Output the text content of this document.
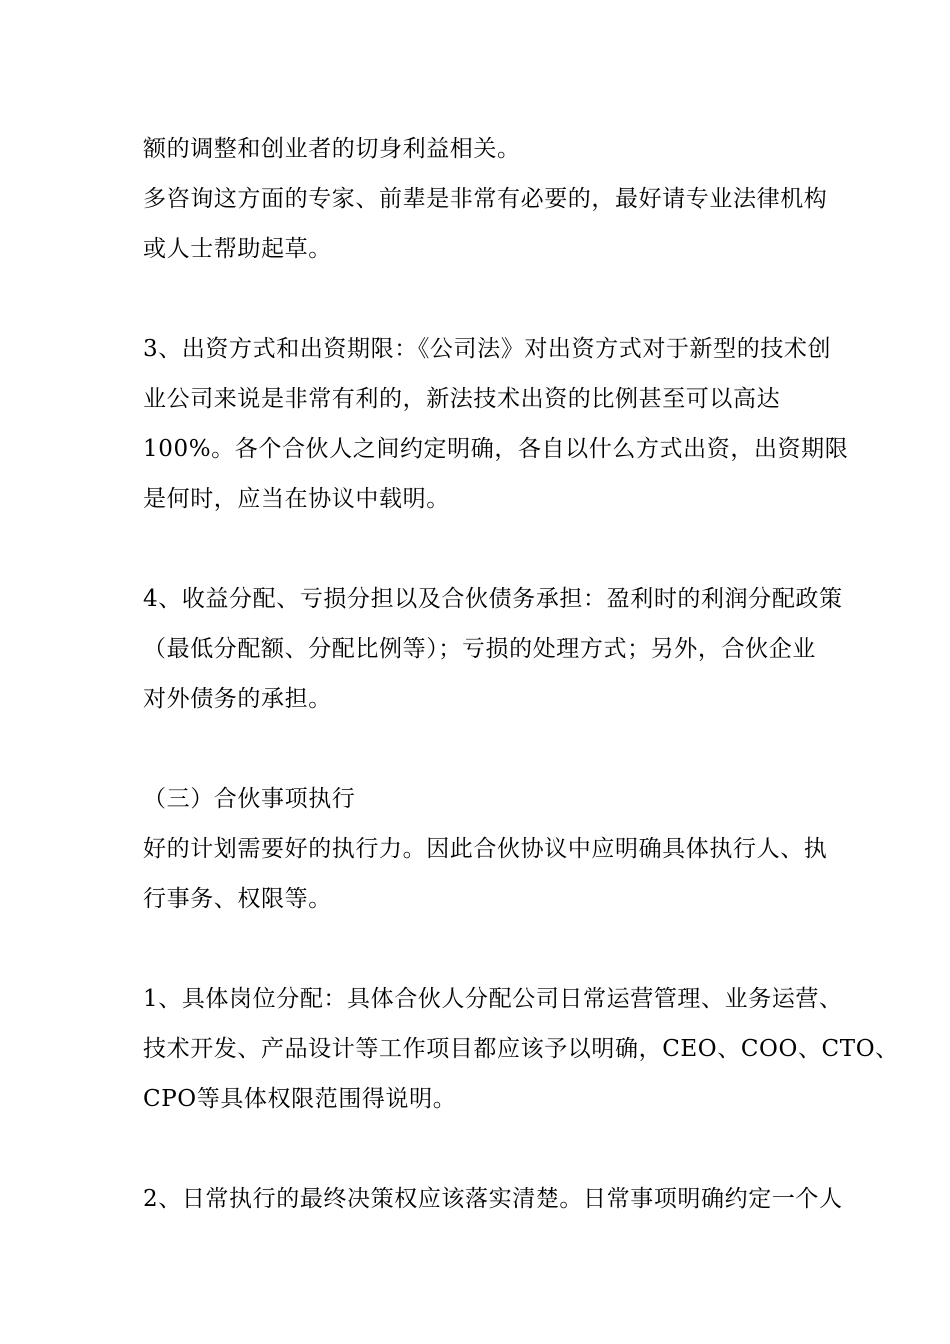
额的调整和创业者的切身利益相关。
多咨询这方面的专家、前辈是非常有必要的，最好请专业法律机构
或人士帮助起草。
3、出资方式和出资期限：《公司法》对出资方式对于新型的技术创
业公司来说是非常有利的，新法技术出资的比例甚至可以高达
100%。各个合伙人之间约定明确，各自以什么方式出资，出资期限
是何时，应当在协议中载明。
4、收益分配、亏损分担以及合伙债务承担：盈利时的利润分配政策
（最低分配额、分配比例等）；亏损的处理方式；另外，合伙企业
对外债务的承担。
（三）合伙事项执行
好的计划需要好的执行力。因此合伙协议中应明确具体执行人、执
行事务、权限等。
1、具体岗位分配：具体合伙人分配公司日常运营管理、业务运营、
技术开发、产品设计等工作项目都应该予以明确，CEO、COO、CTO、
CPO等具体权限范围得说明。
2、日常执行的最终决策权应该落实清楚。日常事项明确约定一个人
